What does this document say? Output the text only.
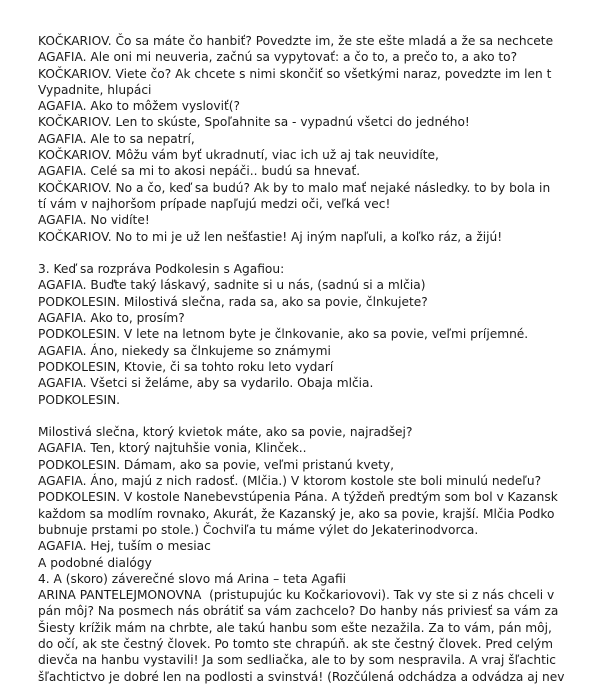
KOČKARIOV. Čo sa máte čo hanbiť? Povedzte im, že ste ešte mladá a že sa nechcete
AGAFIA. Ale oni mi neuveria, začnú sa vypytovať: a čo to, a prečo to, a ako to?
KOČKARIOV. Viete čo? Ak chcete s nimi skončiť so všetkými naraz, povedzte im len t
Vypadnite, hlupáci
AGAFIA. Ako to môžem vysloviť(?
KOČKARIOV. Len to skúste, Spoľahnite sa - vypadnú všetci do jedného!
AGAFIA. Ale to sa nepatrí,
KOČKARIOV. Môžu vám byť ukradnutí, viac ich už aj tak neuvidíte,
AGAFIA. Celé sa mi to akosi nepáči.. budú sa hnevať.
KOČKARIOV. No a čo, keď sa budú? Ak by to malo mať nejaké následky. to by bola in
tí vám v najhoršom prípade napľujú medzi oči, veľká vec!
AGAFIA. No vidíte!
KOČKARIOV. No to mi je už len nešťastie! Aj iným napľuli, a koľko ráz, a žijú!
3. Keď sa rozpráva Podkolesin s Agafiou:
AGAFIA. Buďte taký láskavý, sadnite si u nás, (sadnú si a mlčia)
PODKOLESIN. Milostivá slečna, rada sa, ako sa povie, člnkujete?
AGAFIA. Ako to, prosím?
PODKOLESIN. V lete na letnom byte je člnkovanie, ako sa povie, veľmi príjemné.
AGAFIA. Áno, niekedy sa člnkujeme so známymi
PODKOLESIN, Ktovie, či sa tohto roku leto vydarí
AGAFIA. Všetci si želáme, aby sa vydarilo. Obaja mlčia.
PODKOLESIN.
Milostivá slečna, ktorý kvietok máte, ako sa povie, najradšej?
AGAFIA. Ten, ktorý najtuhšie vonia, Klinček..
PODKOLESIN. Dámam, ako sa povie, veľmi pristanú kvety,
AGAFIA. Áno, majú z nich radosť. (Mlčia.) V ktorom kostole ste boli minulú nedeľu?
PODKOLESIN. V kostole Nanebevstúpenia Pána. A týždeň predtým som bol v Kazansk
každom sa modlím rovnako, Akurát, že Kazanský je, ako sa povie, krajší. Mlčia Podko
bubnuje prstami po stole.) Čochviľa tu máme výlet do Jekaterinodvorca.
AGAFIA. Hej, tuším o mesiac
A podobné dialógy
4. A (skoro) záverečné slovo má Arina – teta Agafii
ARINA PANTELEJMONOVNA  (pristupujúc ku Kočkariovovi). Tak vy ste si z nás chceli v
pán môj? Na posmech nás obrátiť sa vám zachcelo? Do hanby nás priviesť sa vám za
Šiesty krížik mám na chrbte, ale takú hanbu som ešte nezažila. Za to vám, pán môj,
do očí, ak ste čestný človek. Po tomto ste chrapúň. ak ste čestný človek. Pred celým
dievča na hanbu vystavili! Ja som sedliačka, ale to by som nespravila. A vraj šľachtic
šľachtictvo je dobré len na podlosti a svinstvá! (Rozčúlená odchádza a odvádza aj nev
